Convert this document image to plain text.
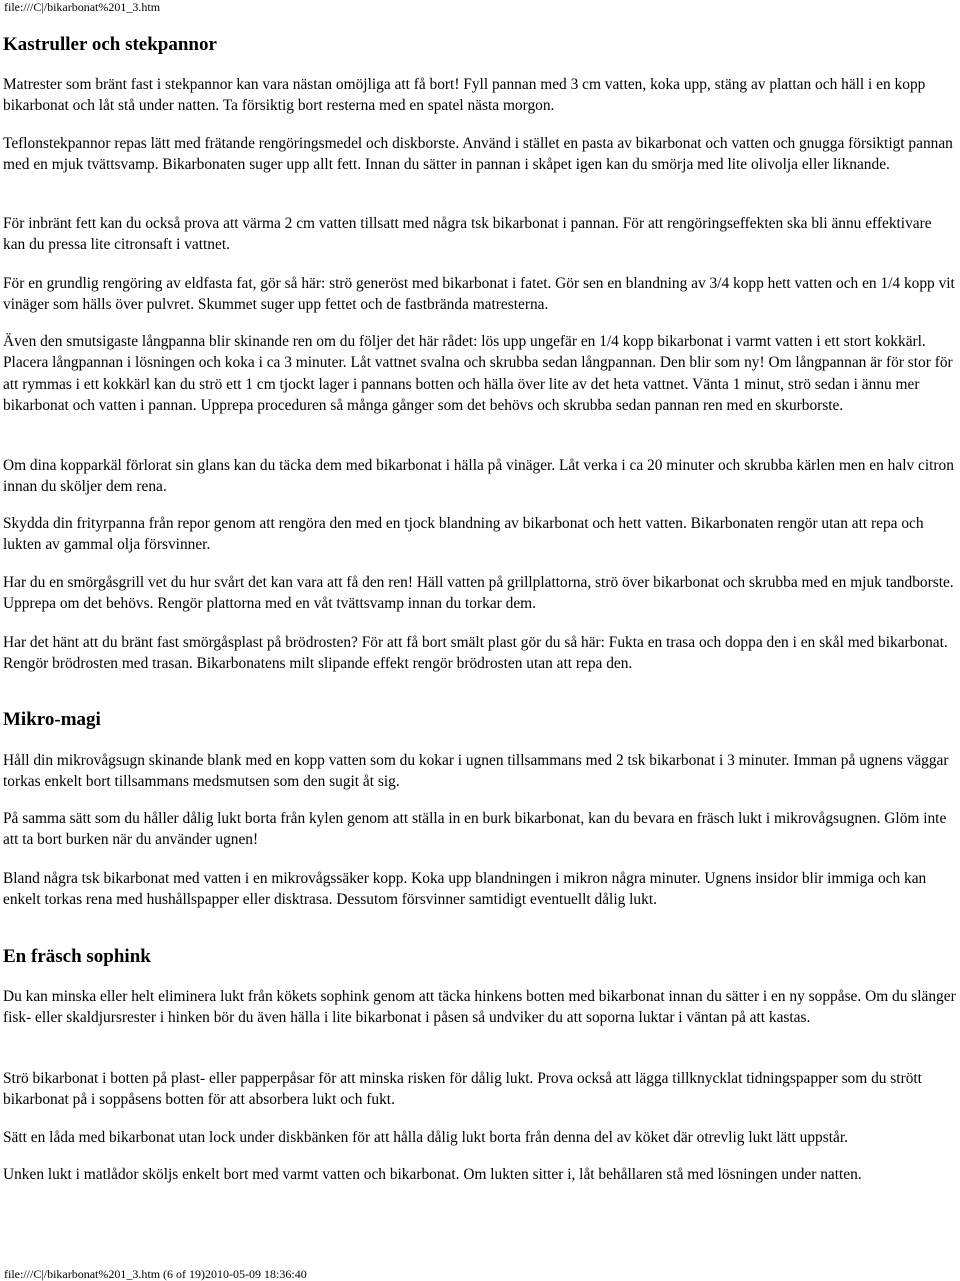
file:///C|/bikarbonat%201_3.htm
Kastruller och stekpannor

Matrester som bränt fast i stekpannor kan vara nästan omöjliga att få bort! Fyll pannan med 3 cm vatten, koka upp, stäng av plattan och häll i en kopp bikarbonat och låt stå under natten. Ta försiktig bort resterna med en spatel nästa morgon.

Teflonstekpannor repas lätt med frätande rengöringsmedel och diskborste. Använd i stället en pasta av bikarbonat och vatten och gnugga försiktigt pannan med en mjuk tvättsvamp. Bikarbonaten suger upp allt fett. Innan du sätter in pannan i skåpet igen kan du smörja med lite olivolja eller liknande.

För inbränt fett kan du också prova att värma 2 cm vatten tillsatt med några tsk bikarbonat i pannan. För att rengöringseffekten ska bli ännu effektivare kan du pressa lite citronsaft i vattnet.

För en grundlig rengöring av eldfasta fat, gör så här: strö generöst med bikarbonat i fatet. Gör sen en blandning av 3/4 kopp hett vatten och en 1/4 kopp vit vinäger som hälls över pulvret. Skummet suger upp fettet och de fastbrända matresterna.

Även den smutsigaste långpanna blir skinande ren om du följer det här rådet: lös upp ungefär en 1/4 kopp bikarbonat i varmt vatten i ett stort kokkärl. Placera långpannan i lösningen och koka i ca 3 minuter. Låt vattnet svalna och skrubba sedan långpannan. Den blir som ny! Om långpannan är för stor för att rymmas i ett kokkärl kan du strö ett 1 cm tjockt lager i pannans botten och hälla över lite av det heta vattnet. Vänta 1 minut, strö sedan i ännu mer bikarbonat och vatten i pannan. Upprepa proceduren så många gånger som det behövs och skrubba sedan pannan ren med en skurborste.

Om dina kopparkäl förlorat sin glans kan du täcka dem med bikarbonat i hälla på vinäger. Låt verka i ca 20 minuter och skrubba kärlen men en halv citron innan du sköljer dem rena.

Skydda din frityrpanna från repor genom att rengöra den med en tjock blandning av bikarbonat och hett vatten. Bikarbonaten rengör utan att repa och lukten av gammal olja försvinner.

Har du en smörgåsgrill vet du hur svårt det kan vara att få den ren! Häll vatten på grillplattorna, strö över bikarbonat och skrubba med en mjuk tandborste. Upprepa om det behövs. Rengör plattorna med en våt tvättsvamp innan du torkar dem.

Har det hänt att du bränt fast smörgåsplast på brödrosten? För att få bort smält plast gör du så här: Fukta en trasa och doppa den i en skål med bikarbonat. Rengör brödrosten med trasan. Bikarbonatens milt slipande effekt rengör brödrosten utan att repa den.

Mikro-magi

Håll din mikrovågsugn skinande blank med en kopp vatten som du kokar i ugnen tillsammans med 2 tsk bikarbonat i 3 minuter. Imman på ugnens väggar torkas enkelt bort tillsammans medsmutsen som den sugit åt sig.

På samma sätt som du håller dålig lukt borta från kylen genom att ställa in en burk bikarbonat, kan du bevara en fräsch lukt i mikrovågsugnen. Glöm inte att ta bort burken när du använder ugnen!

Bland några tsk bikarbonat med vatten i en mikrovågssäker kopp. Koka upp blandningen i mikron några minuter. Ugnens insidor blir immiga och kan enkelt torkas rena med hushållspapper eller disktrasa. Dessutom försvinner samtidigt eventuellt dålig lukt.

En fräsch sophink

Du kan minska eller helt eliminera lukt från kökets sophink genom att täcka hinkens botten med bikarbonat innan du sätter i en ny soppåse. Om du slänger fisk- eller skaldjursrester i hinken bör du även hälla i lite bikarbonat i påsen så undviker du att soporna luktar i väntan på att kastas.

Strö bikarbonat i botten på plast- eller papperpåsar för att minska risken för dålig lukt. Prova också att lägga tillknycklat tidningspapper som du strött bikarbonat på i soppåsens botten för att absorbera lukt och fukt.

Sätt en låda med bikarbonat utan lock under diskbänken för att hålla dålig lukt borta från denna del av köket där otrevlig lukt lätt uppstår.

Unken lukt i matlådor sköljs enkelt bort med varmt vatten och bikarbonat. Om lukten sitter i, låt behållaren stå med lösningen under natten.

file:///C|/bikarbonat%201_3.htm (6 of 19)2010-05-09 18:36:40
